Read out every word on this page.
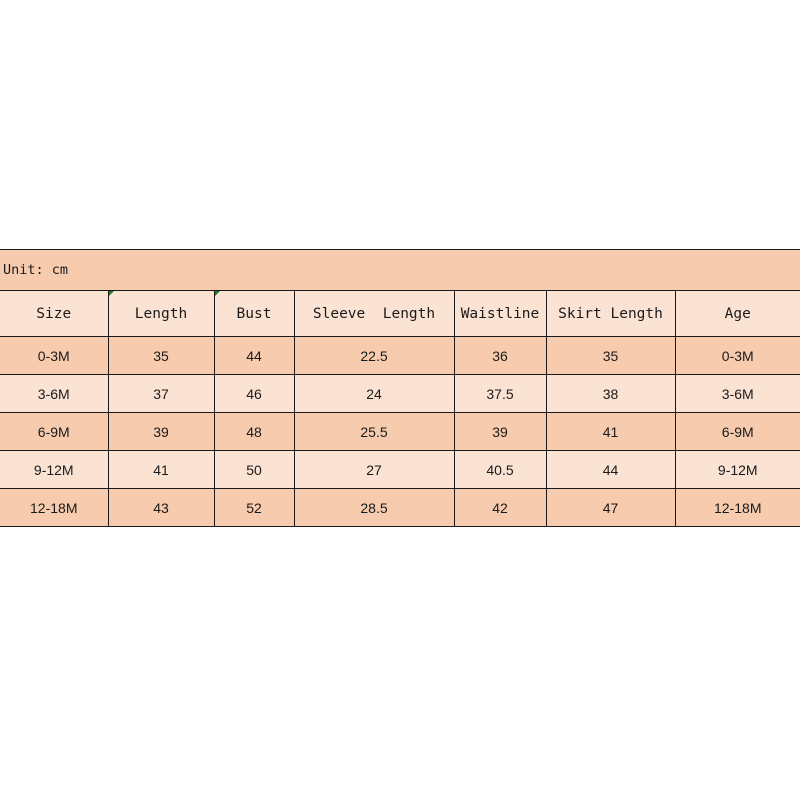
Unit: cm						
Size	Length	Bust	Sleeve  Length	Waistline	Skirt Length	Age
0-3M	35	44	22.5	36	35	0-3M
3-6M	37	46	24	37.5	38	3-6M
6-9M	39	48	25.5	39	41	6-9M
9-12M	41	50	27	40.5	44	9-12M
12-18M	43	52	28.5	42	47	12-18M
